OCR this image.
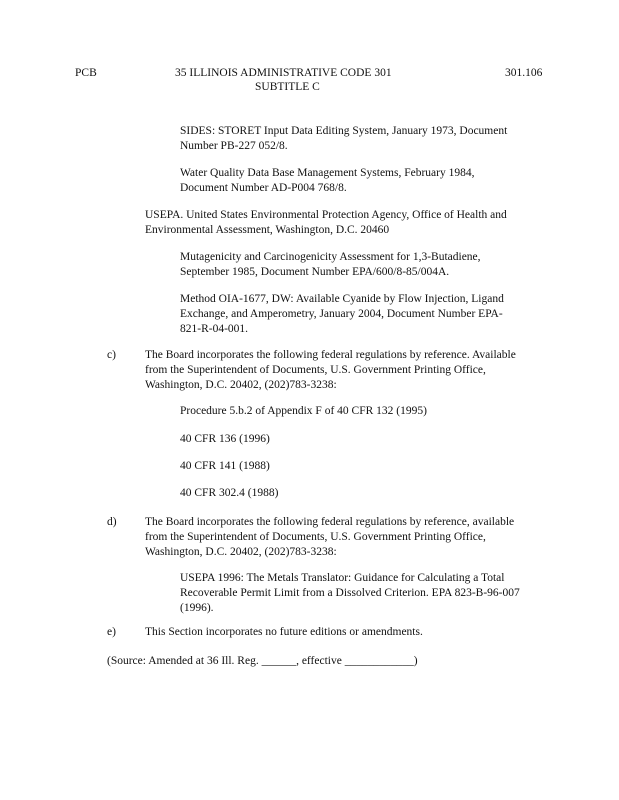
PCB	35 ILLINOIS ADMINISTRATIVE CODE 301
SUBTITLE C
301.106
SIDES: STORET Input Data Editing System, January 1973, Document
Number PB-227 052/8.
Water Quality Data Base Management Systems, February 1984,
Document Number AD-P004 768/8.
USEPA. United States Environmental Protection Agency, Office of Health and
Environmental Assessment, Washington, D.C. 20460
Mutagenicity and Carcinogenicity Assessment for 1,3-Butadiene,
September 1985, Document Number EPA/600/8-85/004A.
Method OIA-1677, DW: Available Cyanide by Flow Injection, Ligand
Exchange, and Amperometry, January 2004, Document Number EPA-
821-R-04-001.
c)	The Board incorporates the following federal regulations by reference. Available
from the Superintendent of Documents, U.S. Government Printing Office,
Washington, D.C. 20402, (202)783-3238:
Procedure 5.b.2 of Appendix F of 40 CFR 132 (1995)
40 CFR 136 (1996)
40 CFR 141 (1988)
40 CFR 302.4 (1988)
d) The Board incorporates the following federal regulations by reference, available
from the Superintendent of Documents, U.S. Government Printing Office,
Washington, D.C. 20402, (202)783-3238:
USEPA 1996: The Metals Translator: Guidance for Calculating a Total
Recoverable Permit Limit from a Dissolved Criterion. EPA 823-B-96-007
(1996).
e)	This Section incorporates no future editions or amendments.
(Source: Amended at 36 Ill. Reg. ______, effective ____________)
